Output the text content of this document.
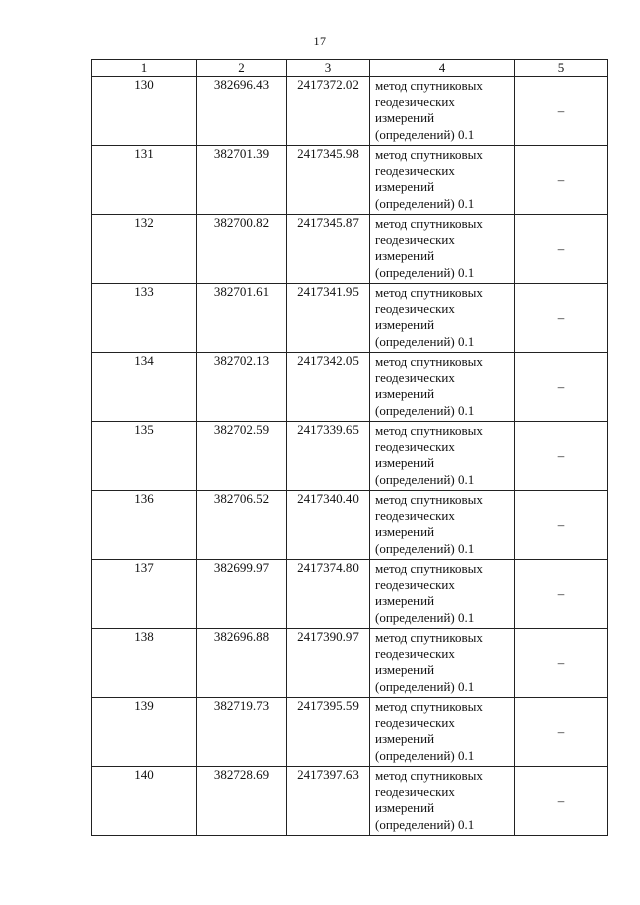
17
1	2	3	4	5
130	382696.43	2417372.02	метод спутниковых
геодезических
измерений
(определений) 0.1	–
131	382701.39	2417345.98	метод спутниковых
геодезических
измерений
(определений) 0.1	–
132	382700.82	2417345.87	метод спутниковых
геодезических
измерений
(определений) 0.1	–
133	382701.61	2417341.95	метод спутниковых
геодезических
измерений
(определений) 0.1	–
134	382702.13	2417342.05	метод спутниковых
геодезических
измерений
(определений) 0.1	–
135	382702.59	2417339.65	метод спутниковых
геодезических
измерений
(определений) 0.1	–
136	382706.52	2417340.40	метод спутниковых
геодезических
измерений
(определений) 0.1	–
137	382699.97	2417374.80	метод спутниковых
геодезических
измерений
(определений) 0.1	–
138	382696.88	2417390.97	метод спутниковых
геодезических
измерений
(определений) 0.1	–
139	382719.73	2417395.59	метод спутниковых
геодезических
измерений
(определений) 0.1	–
140	382728.69	2417397.63	метод спутниковых
геодезических
измерений
(определений) 0.1	–
